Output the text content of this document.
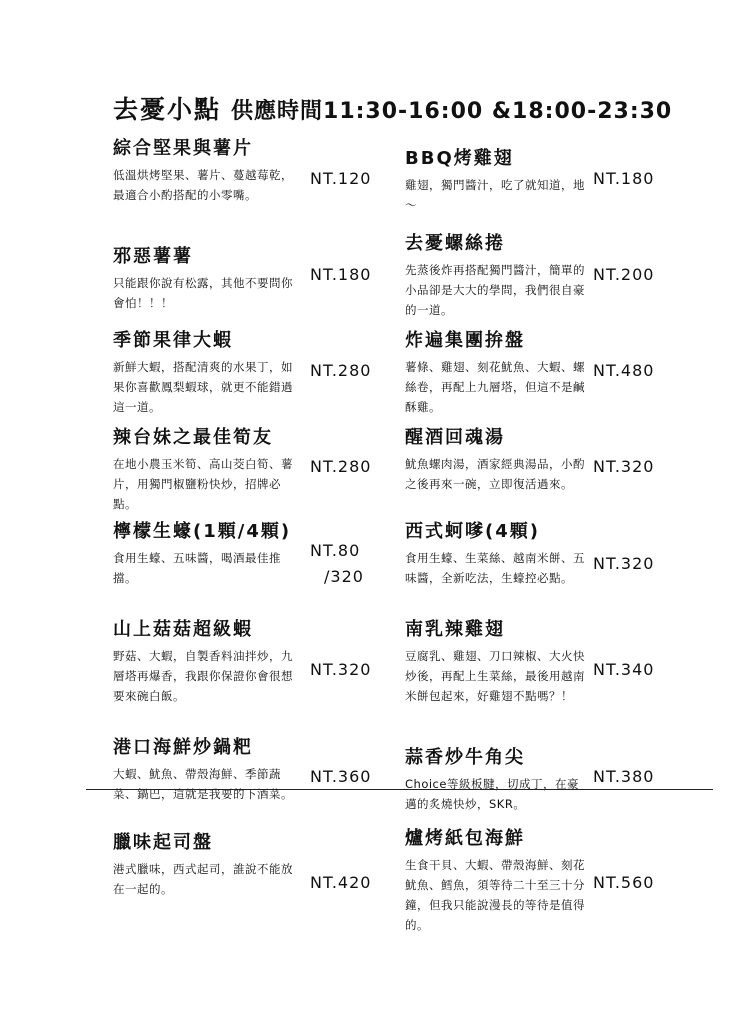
去憂小點 供應時間11:30-16:00 &18:00-23:30
綜合堅果與薯片
低溫烘烤堅果、薯片、蔓越莓乾，最適合小酌搭配的小零嘴。
NT.120
邪惡薯薯
只能跟你說有松露，其他不要問你會怕！！！
NT.180
季節果律大蝦
新鮮大蝦，搭配清爽的水果丁，如果你喜歡鳳梨蝦球，就更不能錯過這一道。
NT.280
辣台妹之最佳筍友
在地小農玉米筍、高山茭白筍、薯片，用獨門椒鹽粉快炒，招牌必點。
NT.280
檸檬生蠔(1顆/4顆)
食用生蠔、五味醬，喝酒最佳推擋。
NT.80
/320
山上菇菇超級蝦
野菇、大蝦，自製香料油拌炒，九層塔再爆香，我跟你保證你會很想要來碗白飯。
NT.320
港口海鮮炒鍋粑
大蝦、魷魚、帶殼海鮮、季節蔬菜、鍋巴，這就是我要的下酒菜。
NT.360
臘味起司盤
港式臘味，西式起司，誰說不能放在一起的。	NT.420
BBQ烤雞翅
雞翅，獨門醬汁，吃了就知道，地～
NT.180
去憂螺絲捲
先蒸後炸再搭配獨門醬汁，簡單的小品卻是大大的學問，我們很自豪的一道。
NT.200
炸遍集團拚盤
薯條、雞翅、刻花魷魚、大蝦、螺絲卷，再配上九層塔，但這不是鹹酥雞。
NT.480
醒酒回魂湯
魷魚螺肉湯，酒家經典湯品，小酌之後再來一碗，立即復活過來。
NT.320
西式蚵嗲(4顆)
食用生蠔、生菜絲、越南米餅、五味醬，全新吃法，生蠔控必點。
NT.320
南乳辣雞翅
豆腐乳、雞翅、刀口辣椒、大火快炒後，再配上生菜絲，最後用越南米餅包起來，好雞翅不點嗎？！
NT.340
蒜香炒牛角尖
Choice等級板腱，切成丁，在豪邁的炙燒快炒，SKR。
NT.380
爐烤紙包海鮮
生食干貝、大蝦、帶殼海鮮、刻花魷魚、鱈魚，須等待二十至三十分鐘，但我只能說漫長的等待是值得的。
NT.560
